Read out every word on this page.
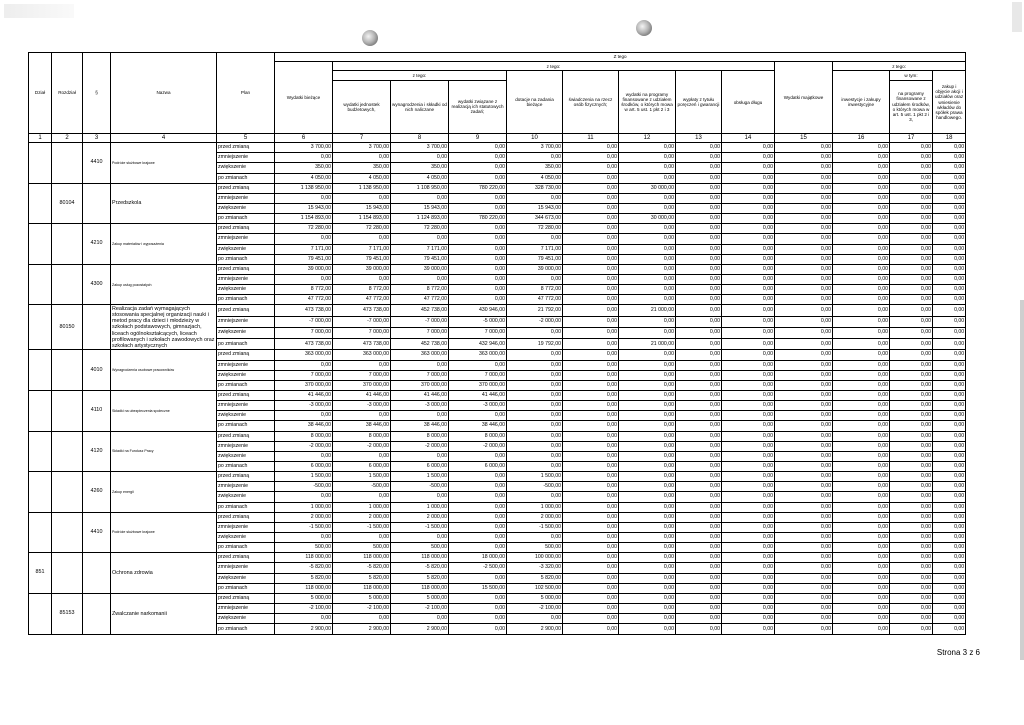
Dział	Rozdział	§	Nazwa	Plan	Z tego													
					Wydatki bieżące	z tego:								Wydatki majątkowe	z tego:			
						z tego:			dotacje na zadania bieżące	świadczenia na rzecz osób fizycznych;	wydatki na programy finansowane z udziałem środków, o których mowa w art. 5 ust. 1 pkt 2 i 3	wypłaty z tytułu poręczeń i gwarancji	obsługa długu		inwestycje i zakupy inwestycyjne	w tym:	zakup i objęcie akcji i udziałów oraz wniesienie wkładów do spółek prawa handlowego.	
						wydatki jednostek budżetowych,	wynagrodzenia i składki od nich naliczane	wydatki związane z realizacją ich statutowych zadań;								na programy finansowane z udziałem środków, o których mowa w art. 5 ust. 1 pkt 2 i 3,		
1	2	3	4	5	6	7	8	9	10	11	12	13	14	15	16	17	18	
		4410	Podróże służbowe krajowe	przed zmianą	3 700,00	3 700,00	3 700,00	0,00	3 700,00	0,00	0,00	0,00	0,00	0,00	0,00	0,00	0,00	
				zmniejszenie	0,00	0,00	0,00	0,00	0,00	0,00	0,00	0,00	0,00	0,00	0,00	0,00	0,00	
				zwiększenie	350,00	350,00	350,00	0,00	350,00	0,00	0,00	0,00	0,00	0,00	0,00	0,00	0,00	
				po zmianach	4 050,00	4 050,00	4 050,00	0,00	4 050,00	0,00	0,00	0,00	0,00	0,00	0,00	0,00	0,00	
	80104		Przedszkola	przed zmianą	1 138 950,00	1 138 950,00	1 108 950,00	780 220,00	328 730,00	0,00	30 000,00	0,00	0,00	0,00	0,00	0,00	0,00	
				zmniejszenie	0,00	0,00	0,00	0,00	0,00	0,00	0,00	0,00	0,00	0,00	0,00	0,00	0,00	
				zwiększenie	15 943,00	15 943,00	15 943,00	0,00	15 943,00	0,00	0,00	0,00	0,00	0,00	0,00	0,00	0,00	
				po zmianach	1 154 893,00	1 154 893,00	1 124 893,00	780 220,00	344 673,00	0,00	30 000,00	0,00	0,00	0,00	0,00	0,00	0,00	
		4210	Zakup materiałów i wyposażenia	przed zmianą	72 280,00	72 280,00	72 280,00	0,00	72 280,00	0,00	0,00	0,00	0,00	0,00	0,00	0,00	0,00	
				zmniejszenie	0,00	0,00	0,00	0,00	0,00	0,00	0,00	0,00	0,00	0,00	0,00	0,00	0,00	
				zwiększenie	7 171,00	7 171,00	7 171,00	0,00	7 171,00	0,00	0,00	0,00	0,00	0,00	0,00	0,00	0,00	
				po zmianach	79 451,00	79 451,00	79 451,00	0,00	79 451,00	0,00	0,00	0,00	0,00	0,00	0,00	0,00	0,00	
		4300	Zakup usług pozostałych	przed zmianą	39 000,00	39 000,00	39 000,00	0,00	39 000,00	0,00	0,00	0,00	0,00	0,00	0,00	0,00	0,00	
				zmniejszenie	0,00	0,00	0,00	0,00	0,00	0,00	0,00	0,00	0,00	0,00	0,00	0,00	0,00	
				zwiększenie	8 772,00	8 772,00	8 772,00	0,00	8 772,00	0,00	0,00	0,00	0,00	0,00	0,00	0,00	0,00	
				po zmianach	47 772,00	47 772,00	47 772,00	0,00	47 772,00	0,00	0,00	0,00	0,00	0,00	0,00	0,00	0,00	
	80150		Realizacja zadań wymagających stosowania specjalnej organizacji nauki i metod pracy dla dzieci i młodzieży w szkołach podstawowych, gimnazjach, liceach ogólnokształcących, liceach profilowanych i szkołach zawodowych oraz szkołach artystycznych	przed zmianą	473 738,00	473 738,00	452 738,00	430 946,00	21 792,00	0,00	21 000,00	0,00	0,00	0,00	0,00	0,00	0,00	
				zmniejszenie	-7 000,00	-7 000,00	-7 000,00	-5 000,00	-2 000,00	0,00	0,00	0,00	0,00	0,00	0,00	0,00	0,00	
				zwiększenie	7 000,00	7 000,00	7 000,00	7 000,00	0,00	0,00	0,00	0,00	0,00	0,00	0,00	0,00	0,00	
				po zmianach	473 738,00	473 738,00	452 738,00	432 946,00	19 792,00	0,00	21 000,00	0,00	0,00	0,00	0,00	0,00	0,00	
		4010	Wynagrodzenia osobowe pracowników	przed zmianą	363 000,00	363 000,00	363 000,00	363 000,00	0,00	0,00	0,00	0,00	0,00	0,00	0,00	0,00	0,00	
				zmniejszenie	0,00	0,00	0,00	0,00	0,00	0,00	0,00	0,00	0,00	0,00	0,00	0,00	0,00	
				zwiększenie	7 000,00	7 000,00	7 000,00	7 000,00	0,00	0,00	0,00	0,00	0,00	0,00	0,00	0,00	0,00	
				po zmianach	370 000,00	370 000,00	370 000,00	370 000,00	0,00	0,00	0,00	0,00	0,00	0,00	0,00	0,00	0,00	
		4110	Składki na ubezpieczenia społeczne	przed zmianą	41 446,00	41 446,00	41 446,00	41 446,00	0,00	0,00	0,00	0,00	0,00	0,00	0,00	0,00	0,00	
				zmniejszenie	-3 000,00	-3 000,00	-3 000,00	-3 000,00	0,00	0,00	0,00	0,00	0,00	0,00	0,00	0,00	0,00	
				zwiększenie	0,00	0,00	0,00	0,00	0,00	0,00	0,00	0,00	0,00	0,00	0,00	0,00	0,00	
				po zmianach	38 446,00	38 446,00	38 446,00	38 446,00	0,00	0,00	0,00	0,00	0,00	0,00	0,00	0,00	0,00	
		4120	Składki na Fundusz Pracy	przed zmianą	8 000,00	8 000,00	8 000,00	8 000,00	0,00	0,00	0,00	0,00	0,00	0,00	0,00	0,00	0,00	
				zmniejszenie	-2 000,00	-2 000,00	-2 000,00	-2 000,00	0,00	0,00	0,00	0,00	0,00	0,00	0,00	0,00	0,00	
				zwiększenie	0,00	0,00	0,00	0,00	0,00	0,00	0,00	0,00	0,00	0,00	0,00	0,00	0,00	
				po zmianach	6 000,00	6 000,00	6 000,00	6 000,00	0,00	0,00	0,00	0,00	0,00	0,00	0,00	0,00	0,00	
		4260	Zakup energii	przed zmianą	1 500,00	1 500,00	1 500,00	0,00	1 500,00	0,00	0,00	0,00	0,00	0,00	0,00	0,00	0,00	
				zmniejszenie	-500,00	-500,00	-500,00	0,00	-500,00	0,00	0,00	0,00	0,00	0,00	0,00	0,00	0,00	
				zwiększenie	0,00	0,00	0,00	0,00	0,00	0,00	0,00	0,00	0,00	0,00	0,00	0,00	0,00	
				po zmianach	1 000,00	1 000,00	1 000,00	0,00	1 000,00	0,00	0,00	0,00	0,00	0,00	0,00	0,00	0,00	
		4410	Podróże służbowe krajowe	przed zmianą	2 000,00	2 000,00	2 000,00	0,00	2 000,00	0,00	0,00	0,00	0,00	0,00	0,00	0,00	0,00	
				zmniejszenie	-1 500,00	-1 500,00	-1 500,00	0,00	-1 500,00	0,00	0,00	0,00	0,00	0,00	0,00	0,00	0,00	
				zwiększenie	0,00	0,00	0,00	0,00	0,00	0,00	0,00	0,00	0,00	0,00	0,00	0,00	0,00	
				po zmianach	500,00	500,00	500,00	0,00	500,00	0,00	0,00	0,00	0,00	0,00	0,00	0,00	0,00	
851			Ochrona zdrowia	przed zmianą	118 000,00	118 000,00	118 000,00	18 000,00	100 000,00	0,00	0,00	0,00	0,00	0,00	0,00	0,00	0,00	
				zmniejszenie	-5 820,00	-5 820,00	-5 820,00	-2 500,00	-3 320,00	0,00	0,00	0,00	0,00	0,00	0,00	0,00	0,00	
				zwiększenie	5 820,00	5 820,00	5 820,00	0,00	5 820,00	0,00	0,00	0,00	0,00	0,00	0,00	0,00	0,00	
				po zmianach	118 000,00	118 000,00	118 000,00	15 500,00	102 500,00	0,00	0,00	0,00	0,00	0,00	0,00	0,00	0,00	
	85153		Zwalczanie narkomanii	przed zmianą	5 000,00	5 000,00	5 000,00	0,00	5 000,00	0,00	0,00	0,00	0,00	0,00	0,00	0,00	0,00	
				zmniejszenie	-2 100,00	-2 100,00	-2 100,00	0,00	-2 100,00	0,00	0,00	0,00	0,00	0,00	0,00	0,00	0,00	
				zwiększenie	0,00	0,00	0,00	0,00	0,00	0,00	0,00	0,00	0,00	0,00	0,00	0,00	0,00	
				po zmianach	2 900,00	2 900,00	2 900,00	0,00	2 900,00	0,00	0,00	0,00	0,00	0,00	0,00	0,00	0,00	
Strona 3 z 6
